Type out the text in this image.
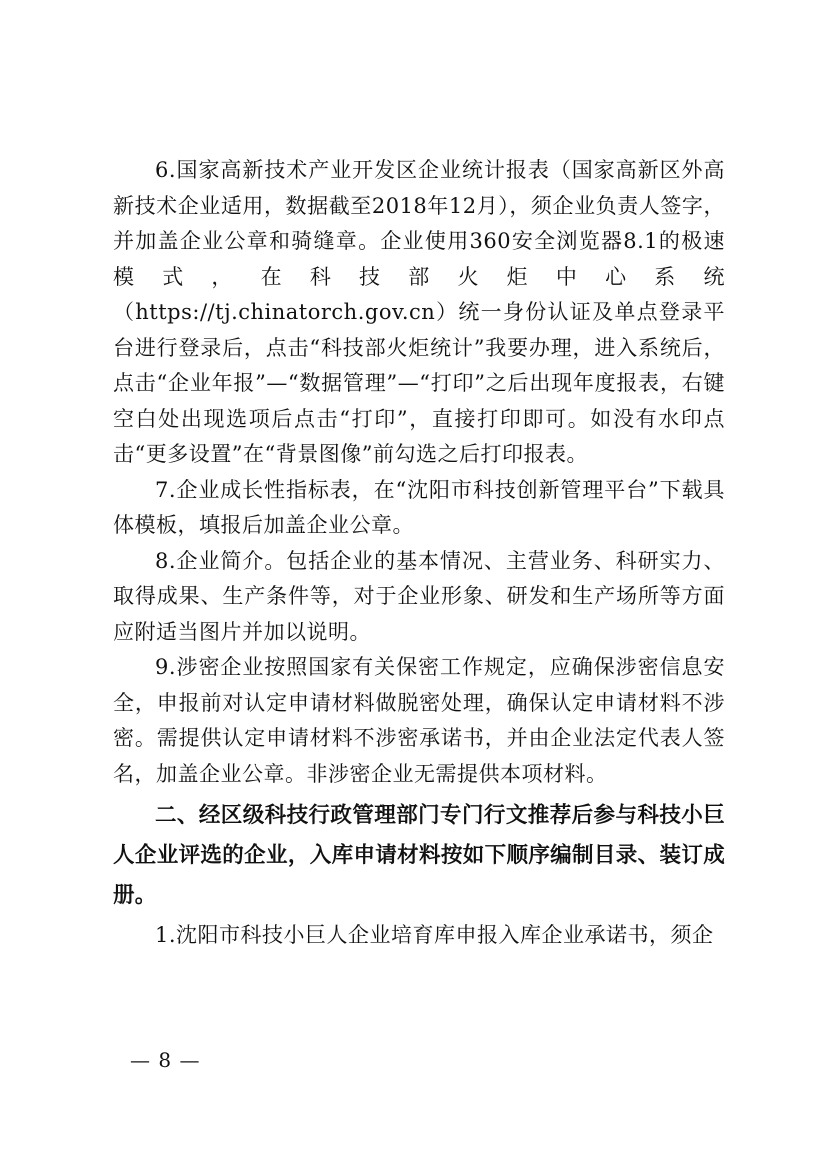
6.国家高新技术产业开发区企业统计报表（国家高新区外高新技术企业适用，数据截至2018年12月），须企业负责人签字，并加盖企业公章和骑缝章。企业使用360安全浏览器8.1的极速模式，在科技部火炬中心系统（https://tj.chinatorch.gov.cn）统一身份认证及单点登录平台进行登录后，点击“科技部火炬统计”我要办理，进入系统后，点击“企业年报”—“数据管理”—“打印”之后出现年度报表，右键空白处出现选项后点击“打印”，直接打印即可。如没有水印点击“更多设置”在“背景图像”前勾选之后打印报表。

7.企业成长性指标表，在“沈阳市科技创新管理平台”下载具体模板，填报后加盖企业公章。

8.企业简介。包括企业的基本情况、主营业务、科研实力、取得成果、生产条件等，对于企业形象、研发和生产场所等方面应附适当图片并加以说明。

9.涉密企业按照国家有关保密工作规定，应确保涉密信息安全，申报前对认定申请材料做脱密处理，确保认定申请材料不涉密。需提供认定申请材料不涉密承诺书，并由企业法定代表人签名，加盖企业公章。非涉密企业无需提供本项材料。

二、经区级科技行政管理部门专门行文推荐后参与科技小巨人企业评选的企业，入库申请材料按如下顺序编制目录、装订成册。

1.沈阳市科技小巨人企业培育库申报入库企业承诺书，须企

— 8 —
